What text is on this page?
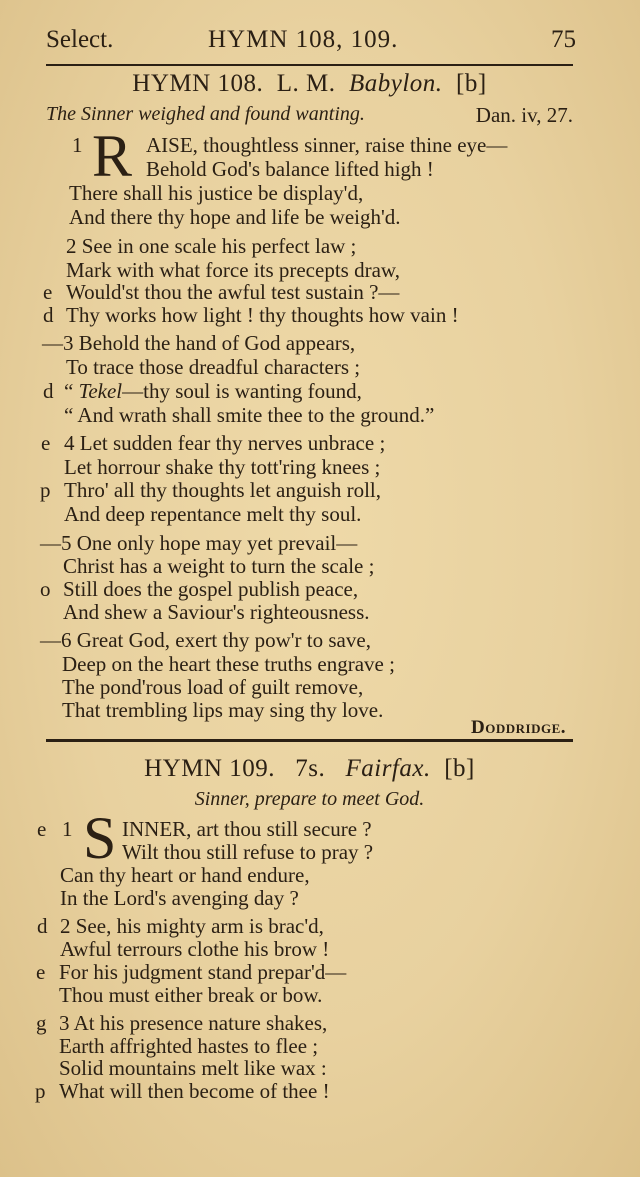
Select.	HYMN 108, 109.	75
HYMN 108. L. M. Babylon. [b]
The Sinner weighed and found wanting.	Dan. iv, 27.
1 R AISE, thoughtless sinner, raise thine eye—
Behold God's balance lifted high !
There shall his justice be display'd,
And there thy hope and life be weigh'd.
2 See in one scale his perfect law ;
Mark with what force its precepts draw,
e Would'st thou the awful test sustain ?—
d Thy works how light ! thy thoughts how vain !
—3 Behold the hand of God appears,
To trace those dreadful characters ;
d “ Tekel—thy soul is wanting found,
“ And wrath shall smite thee to the ground.”
e 4 Let sudden fear thy nerves unbrace ;
Let horrour shake thy tott'ring knees ;
p Thro' all thy thoughts let anguish roll,
And deep repentance melt thy soul.
—5 One only hope may yet prevail—
Christ has a weight to turn the scale ;
o Still does the gospel publish peace,
And shew a Saviour's righteousness.
—6 Great God, exert thy pow'r to save,
Deep on the heart these truths engrave ;
The pond'rous load of guilt remove,
That trembling lips may sing thy love.
Doddridge.
HYMN 109. 7s. Fairfax. [b]
Sinner, prepare to meet God.
e 1 S INNER, art thou still secure ?
Wilt thou still refuse to pray ?
Can thy heart or hand endure,
In the Lord's avenging day ?
d 2 See, his mighty arm is brac'd,
Awful terrours clothe his brow !
e For his judgment stand prepar'd—
Thou must either break or bow.
g 3 At his presence nature shakes,
Earth affrighted hastes to flee ;
Solid mountains melt like wax :
p What will then become of thee !
